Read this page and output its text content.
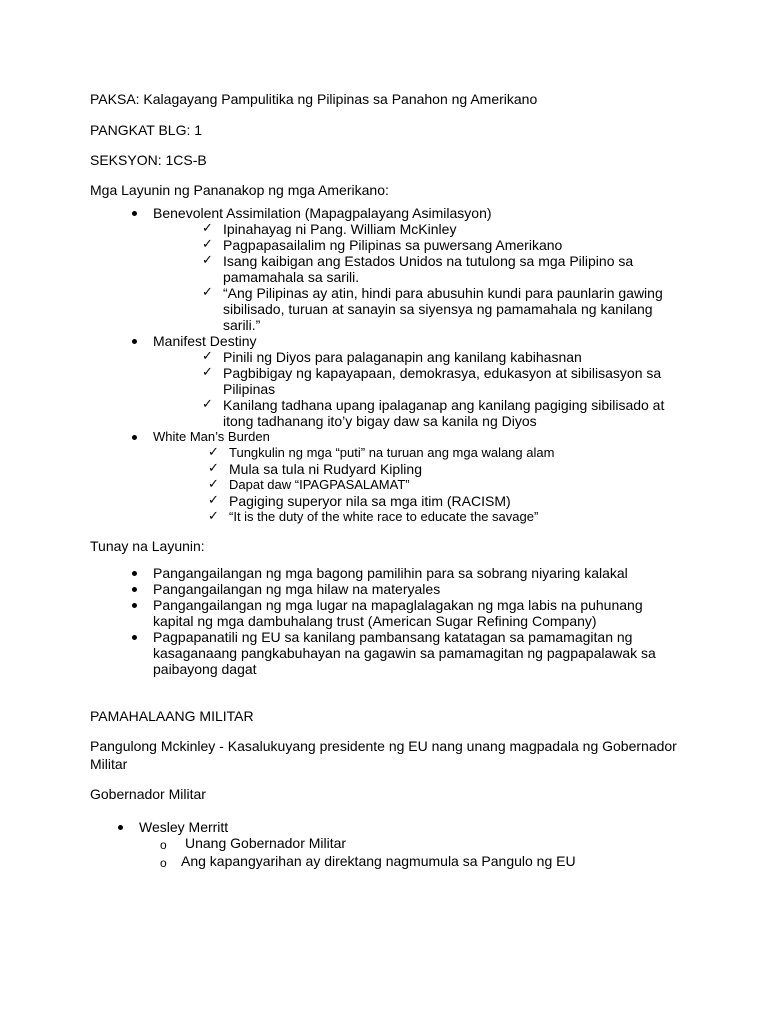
PAKSA: Kalagayang Pampulitika ng Pilipinas sa Panahon ng Amerikano
PANGKAT BLG: 1
SEKSYON: 1CS-B
Mga Layunin ng Pananakop ng mga Amerikano:
Benevolent Assimilation (Mapagpalayang Asimilasyon)
✓ Ipinahayag ni Pang. William McKinley
✓ Pagpapasailalim ng Pilipinas sa puwersang Amerikano
✓ Isang kaibigan ang Estados Unidos na tutulong sa mga Pilipino sa
pamamahala sa sarili.
✓ “Ang Pilipinas ay atin, hindi para abusuhin kundi para paunlarin gawing
sibilisado, turuan at sanayin sa siyensya ng pamamahala ng kanilang
sarili.”
Manifest Destiny
✓ Pinili ng Diyos para palaganapin ang kanilang kabihasnan
✓ Pagbibigay ng kapayapaan, demokrasya, edukasyon at sibilisasyon sa
Pilipinas
✓ Kanilang tadhana upang ipalaganap ang kanilang pagiging sibilisado at
itong tadhanang ito’y bigay daw sa kanila ng Diyos
White Man’s Burden
✓ Tungkulin ng mga “puti” na turuan ang mga walang alam
✓ Mula sa tula ni Rudyard Kipling
✓ Dapat daw “IPAGPASALAMAT”
✓ Pagiging superyor nila sa mga itim (RACISM)
✓ “It is the duty of the white race to educate the savage”
Tunay na Layunin:
Pangangailangan ng mga bagong pamilihin para sa sobrang niyaring kalakal
Pangangailangan ng mga hilaw na materyales
Pangangailangan ng mga lugar na mapaglalagakan ng mga labis na puhunang
kapital ng mga dambuhalang trust (American Sugar Refining Company)
Pagpapanatili ng EU sa kanilang pambansang katatagan sa pamamagitan ng
kasaganaang pangkabuhayan na gagawin sa pamamagitan ng pagpapalawak sa
paibayong dagat
PAMAHALAANG MILITAR
Pangulong Mckinley - Kasalukuyang presidente ng EU nang unang magpadala ng Gobernador
Militar
Gobernador Militar
Wesley Merritt
o Unang Gobernador Militar
o Ang kapangyarihan ay direktang nagmumula sa Pangulo ng EU
